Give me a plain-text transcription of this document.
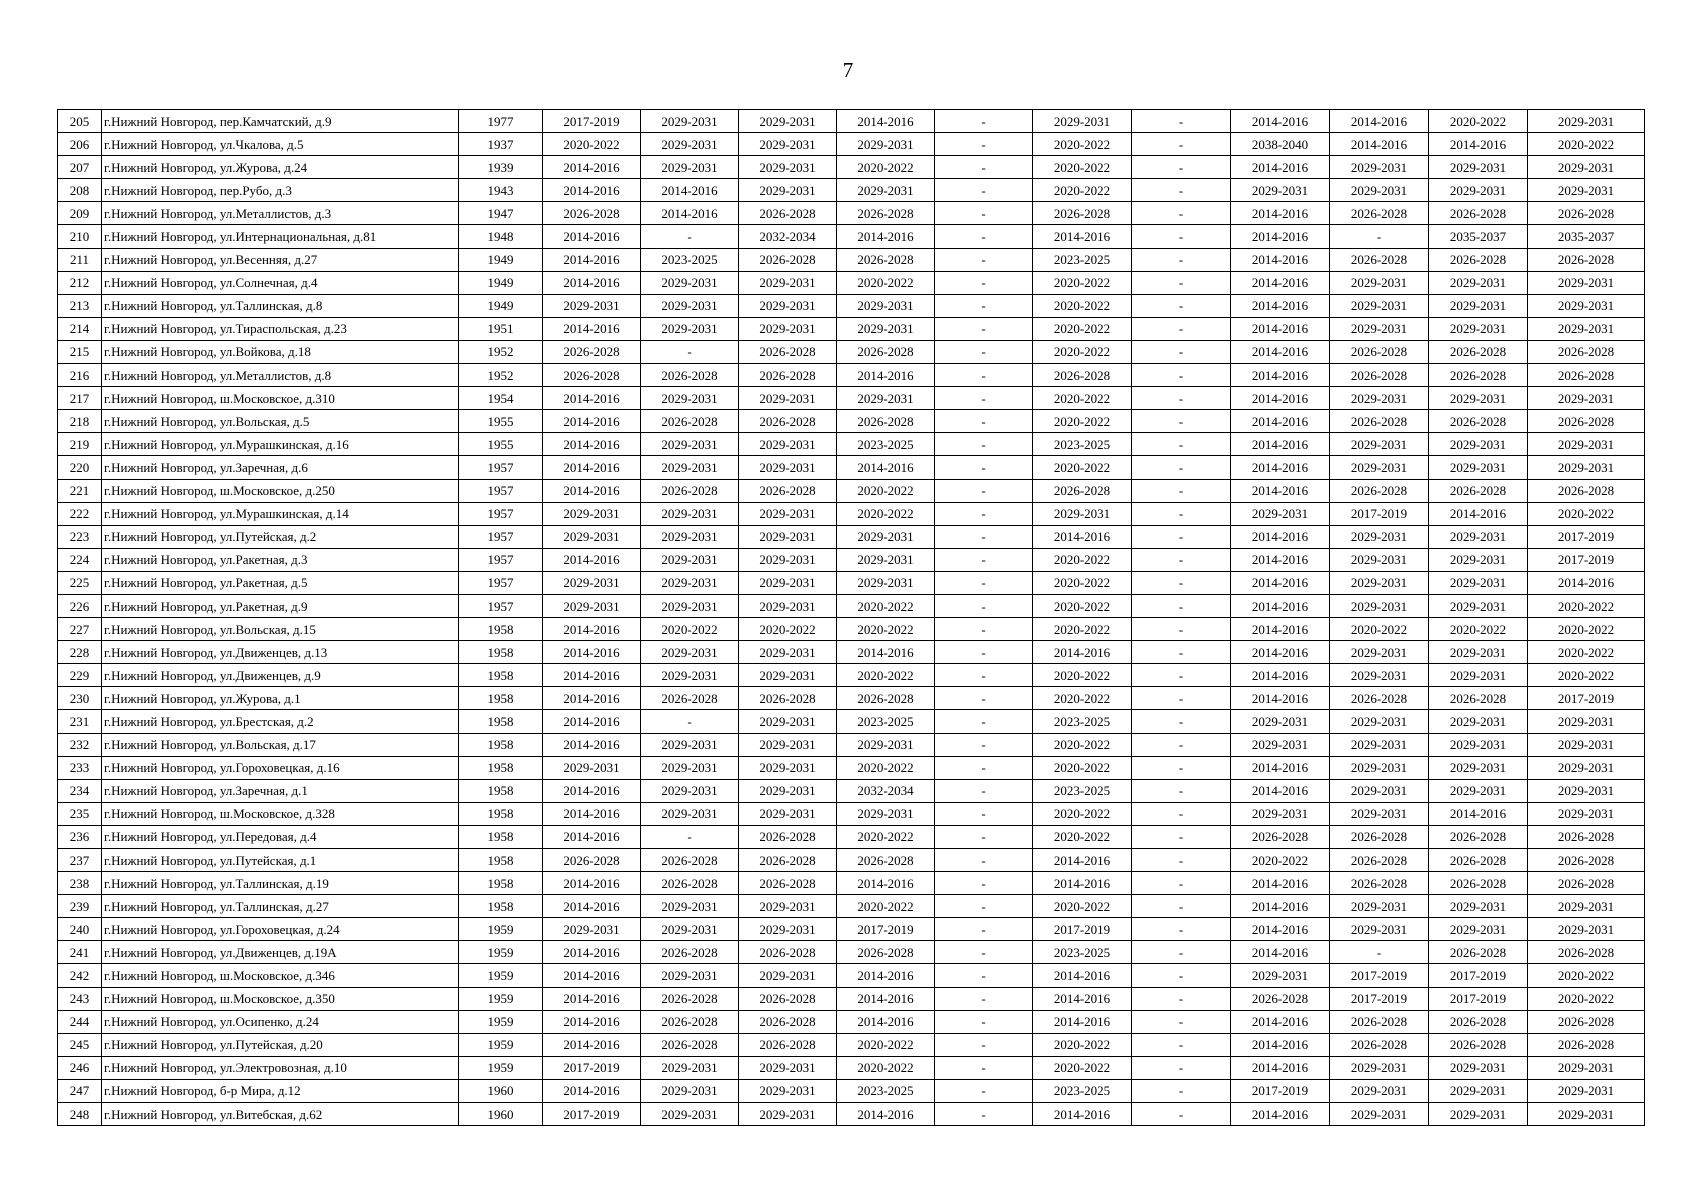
7
205	г.Нижний Новгород, пер.Камчатский, д.9	1977	2017-2019	2029-2031	2029-2031	2014-2016	-	2029-2031	-	2014-2016	2014-2016	2020-2022	2029-2031
206	г.Нижний Новгород, ул.Чкалова, д.5	1937	2020-2022	2029-2031	2029-2031	2029-2031	-	2020-2022	-	2038-2040	2014-2016	2014-2016	2020-2022
207	г.Нижний Новгород, ул.Журова, д.24	1939	2014-2016	2029-2031	2029-2031	2020-2022	-	2020-2022	-	2014-2016	2029-2031	2029-2031	2029-2031
208	г.Нижний Новгород, пер.Рубо, д.3	1943	2014-2016	2014-2016	2029-2031	2029-2031	-	2020-2022	-	2029-2031	2029-2031	2029-2031	2029-2031
209	г.Нижний Новгород, ул.Металлистов, д.3	1947	2026-2028	2014-2016	2026-2028	2026-2028	-	2026-2028	-	2014-2016	2026-2028	2026-2028	2026-2028
210	г.Нижний Новгород, ул.Интернациональная, д.81	1948	2014-2016	-	2032-2034	2014-2016	-	2014-2016	-	2014-2016	-	2035-2037	2035-2037
211	г.Нижний Новгород, ул.Весенняя, д.27	1949	2014-2016	2023-2025	2026-2028	2026-2028	-	2023-2025	-	2014-2016	2026-2028	2026-2028	2026-2028
212	г.Нижний Новгород, ул.Солнечная, д.4	1949	2014-2016	2029-2031	2029-2031	2020-2022	-	2020-2022	-	2014-2016	2029-2031	2029-2031	2029-2031
213	г.Нижний Новгород, ул.Таллинская, д.8	1949	2029-2031	2029-2031	2029-2031	2029-2031	-	2020-2022	-	2014-2016	2029-2031	2029-2031	2029-2031
214	г.Нижний Новгород, ул.Тираспольская, д.23	1951	2014-2016	2029-2031	2029-2031	2029-2031	-	2020-2022	-	2014-2016	2029-2031	2029-2031	2029-2031
215	г.Нижний Новгород, ул.Войкова, д.18	1952	2026-2028	-	2026-2028	2026-2028	-	2020-2022	-	2014-2016	2026-2028	2026-2028	2026-2028
216	г.Нижний Новгород, ул.Металлистов, д.8	1952	2026-2028	2026-2028	2026-2028	2014-2016	-	2026-2028	-	2014-2016	2026-2028	2026-2028	2026-2028
217	г.Нижний Новгород, ш.Московское, д.310	1954	2014-2016	2029-2031	2029-2031	2029-2031	-	2020-2022	-	2014-2016	2029-2031	2029-2031	2029-2031
218	г.Нижний Новгород, ул.Вольская, д.5	1955	2014-2016	2026-2028	2026-2028	2026-2028	-	2020-2022	-	2014-2016	2026-2028	2026-2028	2026-2028
219	г.Нижний Новгород, ул.Мурашкинская, д.16	1955	2014-2016	2029-2031	2029-2031	2023-2025	-	2023-2025	-	2014-2016	2029-2031	2029-2031	2029-2031
220	г.Нижний Новгород, ул.Заречная, д.6	1957	2014-2016	2029-2031	2029-2031	2014-2016	-	2020-2022	-	2014-2016	2029-2031	2029-2031	2029-2031
221	г.Нижний Новгород, ш.Московское, д.250	1957	2014-2016	2026-2028	2026-2028	2020-2022	-	2026-2028	-	2014-2016	2026-2028	2026-2028	2026-2028
222	г.Нижний Новгород, ул.Мурашкинская, д.14	1957	2029-2031	2029-2031	2029-2031	2020-2022	-	2029-2031	-	2029-2031	2017-2019	2014-2016	2020-2022
223	г.Нижний Новгород, ул.Путейская, д.2	1957	2029-2031	2029-2031	2029-2031	2029-2031	-	2014-2016	-	2014-2016	2029-2031	2029-2031	2017-2019
224	г.Нижний Новгород, ул.Ракетная, д.3	1957	2014-2016	2029-2031	2029-2031	2029-2031	-	2020-2022	-	2014-2016	2029-2031	2029-2031	2017-2019
225	г.Нижний Новгород, ул.Ракетная, д.5	1957	2029-2031	2029-2031	2029-2031	2029-2031	-	2020-2022	-	2014-2016	2029-2031	2029-2031	2014-2016
226	г.Нижний Новгород, ул.Ракетная, д.9	1957	2029-2031	2029-2031	2029-2031	2020-2022	-	2020-2022	-	2014-2016	2029-2031	2029-2031	2020-2022
227	г.Нижний Новгород, ул.Вольская, д.15	1958	2014-2016	2020-2022	2020-2022	2020-2022	-	2020-2022	-	2014-2016	2020-2022	2020-2022	2020-2022
228	г.Нижний Новгород, ул.Движенцев, д.13	1958	2014-2016	2029-2031	2029-2031	2014-2016	-	2014-2016	-	2014-2016	2029-2031	2029-2031	2020-2022
229	г.Нижний Новгород, ул.Движенцев, д.9	1958	2014-2016	2029-2031	2029-2031	2020-2022	-	2020-2022	-	2014-2016	2029-2031	2029-2031	2020-2022
230	г.Нижний Новгород, ул.Журова, д.1	1958	2014-2016	2026-2028	2026-2028	2026-2028	-	2020-2022	-	2014-2016	2026-2028	2026-2028	2017-2019
231	г.Нижний Новгород, ул.Брестская, д.2	1958	2014-2016	-	2029-2031	2023-2025	-	2023-2025	-	2029-2031	2029-2031	2029-2031	2029-2031
232	г.Нижний Новгород, ул.Вольская, д.17	1958	2014-2016	2029-2031	2029-2031	2029-2031	-	2020-2022	-	2029-2031	2029-2031	2029-2031	2029-2031
233	г.Нижний Новгород, ул.Гороховецкая, д.16	1958	2029-2031	2029-2031	2029-2031	2020-2022	-	2020-2022	-	2014-2016	2029-2031	2029-2031	2029-2031
234	г.Нижний Новгород, ул.Заречная, д.1	1958	2014-2016	2029-2031	2029-2031	2032-2034	-	2023-2025	-	2014-2016	2029-2031	2029-2031	2029-2031
235	г.Нижний Новгород, ш.Московское, д.328	1958	2014-2016	2029-2031	2029-2031	2029-2031	-	2020-2022	-	2029-2031	2029-2031	2014-2016	2029-2031
236	г.Нижний Новгород, ул.Передовая, д.4	1958	2014-2016	-	2026-2028	2020-2022	-	2020-2022	-	2026-2028	2026-2028	2026-2028	2026-2028
237	г.Нижний Новгород, ул.Путейская, д.1	1958	2026-2028	2026-2028	2026-2028	2026-2028	-	2014-2016	-	2020-2022	2026-2028	2026-2028	2026-2028
238	г.Нижний Новгород, ул.Таллинская, д.19	1958	2014-2016	2026-2028	2026-2028	2014-2016	-	2014-2016	-	2014-2016	2026-2028	2026-2028	2026-2028
239	г.Нижний Новгород, ул.Таллинская, д.27	1958	2014-2016	2029-2031	2029-2031	2020-2022	-	2020-2022	-	2014-2016	2029-2031	2029-2031	2029-2031
240	г.Нижний Новгород, ул.Гороховецкая, д.24	1959	2029-2031	2029-2031	2029-2031	2017-2019	-	2017-2019	-	2014-2016	2029-2031	2029-2031	2029-2031
241	г.Нижний Новгород, ул.Движенцев, д.19А	1959	2014-2016	2026-2028	2026-2028	2026-2028	-	2023-2025	-	2014-2016	-	2026-2028	2026-2028
242	г.Нижний Новгород, ш.Московское, д.346	1959	2014-2016	2029-2031	2029-2031	2014-2016	-	2014-2016	-	2029-2031	2017-2019	2017-2019	2020-2022
243	г.Нижний Новгород, ш.Московское, д.350	1959	2014-2016	2026-2028	2026-2028	2014-2016	-	2014-2016	-	2026-2028	2017-2019	2017-2019	2020-2022
244	г.Нижний Новгород, ул.Осипенко, д.24	1959	2014-2016	2026-2028	2026-2028	2014-2016	-	2014-2016	-	2014-2016	2026-2028	2026-2028	2026-2028
245	г.Нижний Новгород, ул.Путейская, д.20	1959	2014-2016	2026-2028	2026-2028	2020-2022	-	2020-2022	-	2014-2016	2026-2028	2026-2028	2026-2028
246	г.Нижний Новгород, ул.Электровозная, д.10	1959	2017-2019	2029-2031	2029-2031	2020-2022	-	2020-2022	-	2014-2016	2029-2031	2029-2031	2029-2031
247	г.Нижний Новгород, б-р Мира, д.12	1960	2014-2016	2029-2031	2029-2031	2023-2025	-	2023-2025	-	2017-2019	2029-2031	2029-2031	2029-2031
248	г.Нижний Новгород, ул.Витебская, д.62	1960	2017-2019	2029-2031	2029-2031	2014-2016	-	2014-2016	-	2014-2016	2029-2031	2029-2031	2029-2031
